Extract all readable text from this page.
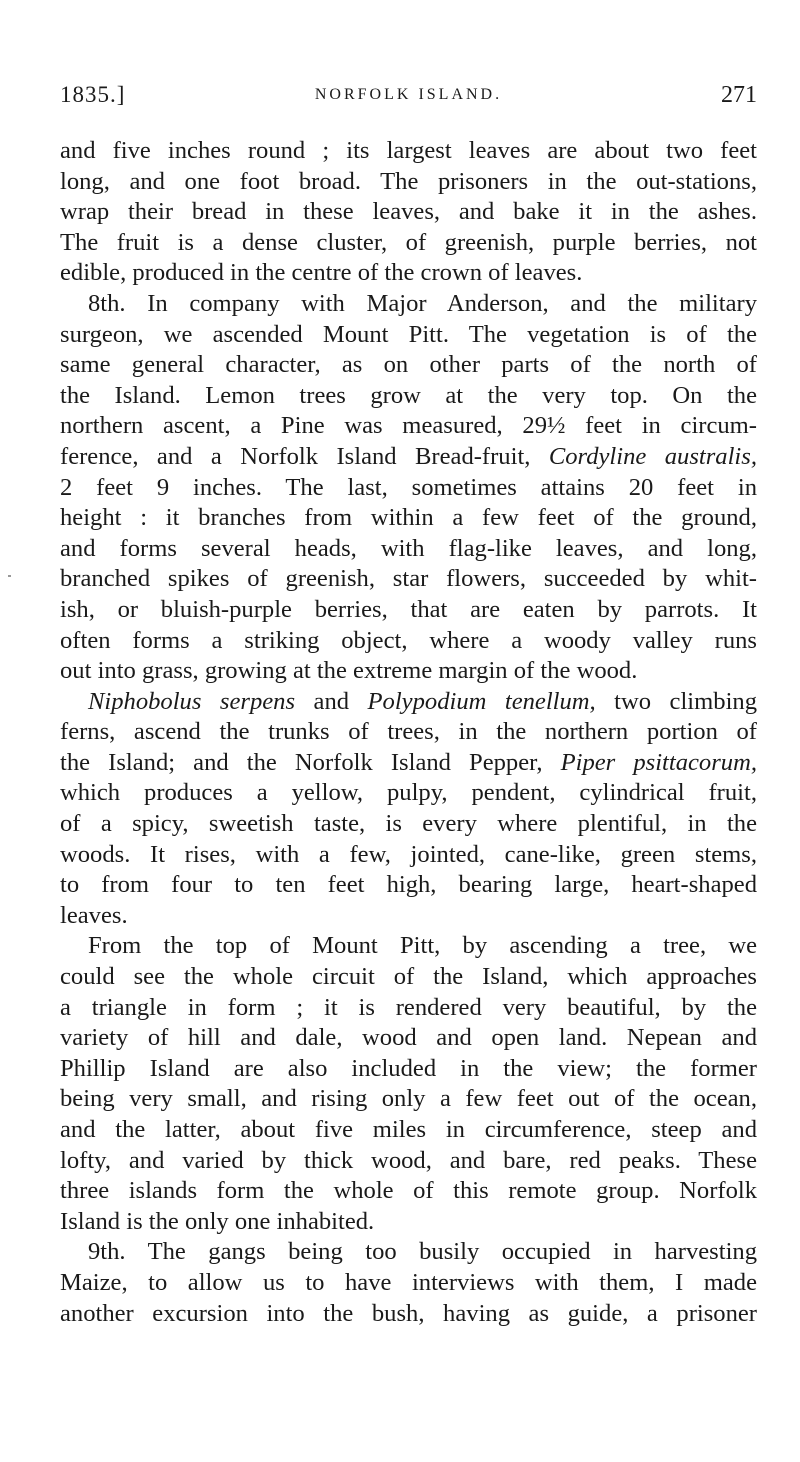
1835.]	NORFOLK ISLAND.	271
and five inches round ; its largest leaves are about two feet
long, and one foot broad. The prisoners in the out-stations,
wrap their bread in these leaves, and bake it in the ashes.
The fruit is a dense cluster, of greenish, purple berries, not
edible, produced in the centre of the crown of leaves.
8th. In company with Major Anderson, and the military
surgeon, we ascended Mount Pitt. The vegetation is of the
same general character, as on other parts of the north of
the Island. Lemon trees grow at the very top. On the
northern ascent, a Pine was measured, 29½ feet in circum-
ference, and a Norfolk Island Bread-fruit, Cordyline australis,
2 feet 9 inches. The last, sometimes attains 20 feet in
height : it branches from within a few feet of the ground,
and forms several heads, with flag-like leaves, and long,
branched spikes of greenish, star flowers, succeeded by whit-
ish, or bluish-purple berries, that are eaten by parrots. It
often forms a striking object, where a woody valley runs
out into grass, growing at the extreme margin of the wood.
Niphobolus serpens and Polypodium tenellum, two climbing
ferns, ascend the trunks of trees, in the northern portion of
the Island; and the Norfolk Island Pepper, Piper psittacorum,
which produces a yellow, pulpy, pendent, cylindrical fruit,
of a spicy, sweetish taste, is every where plentiful, in the
woods. It rises, with a few, jointed, cane-like, green stems,
to from four to ten feet high, bearing large, heart-shaped
leaves.
From the top of Mount Pitt, by ascending a tree, we
could see the whole circuit of the Island, which approaches
a triangle in form ; it is rendered very beautiful, by the
variety of hill and dale, wood and open land. Nepean and
Phillip Island are also included in the view; the former
being very small, and rising only a few feet out of the ocean,
and the latter, about five miles in circumference, steep and
lofty, and varied by thick wood, and bare, red peaks. These
three islands form the whole of this remote group. Norfolk
Island is the only one inhabited.
9th. The gangs being too busily occupied in harvesting
Maize, to allow us to have interviews with them, I made
another excursion into the bush, having as guide, a prisoner
